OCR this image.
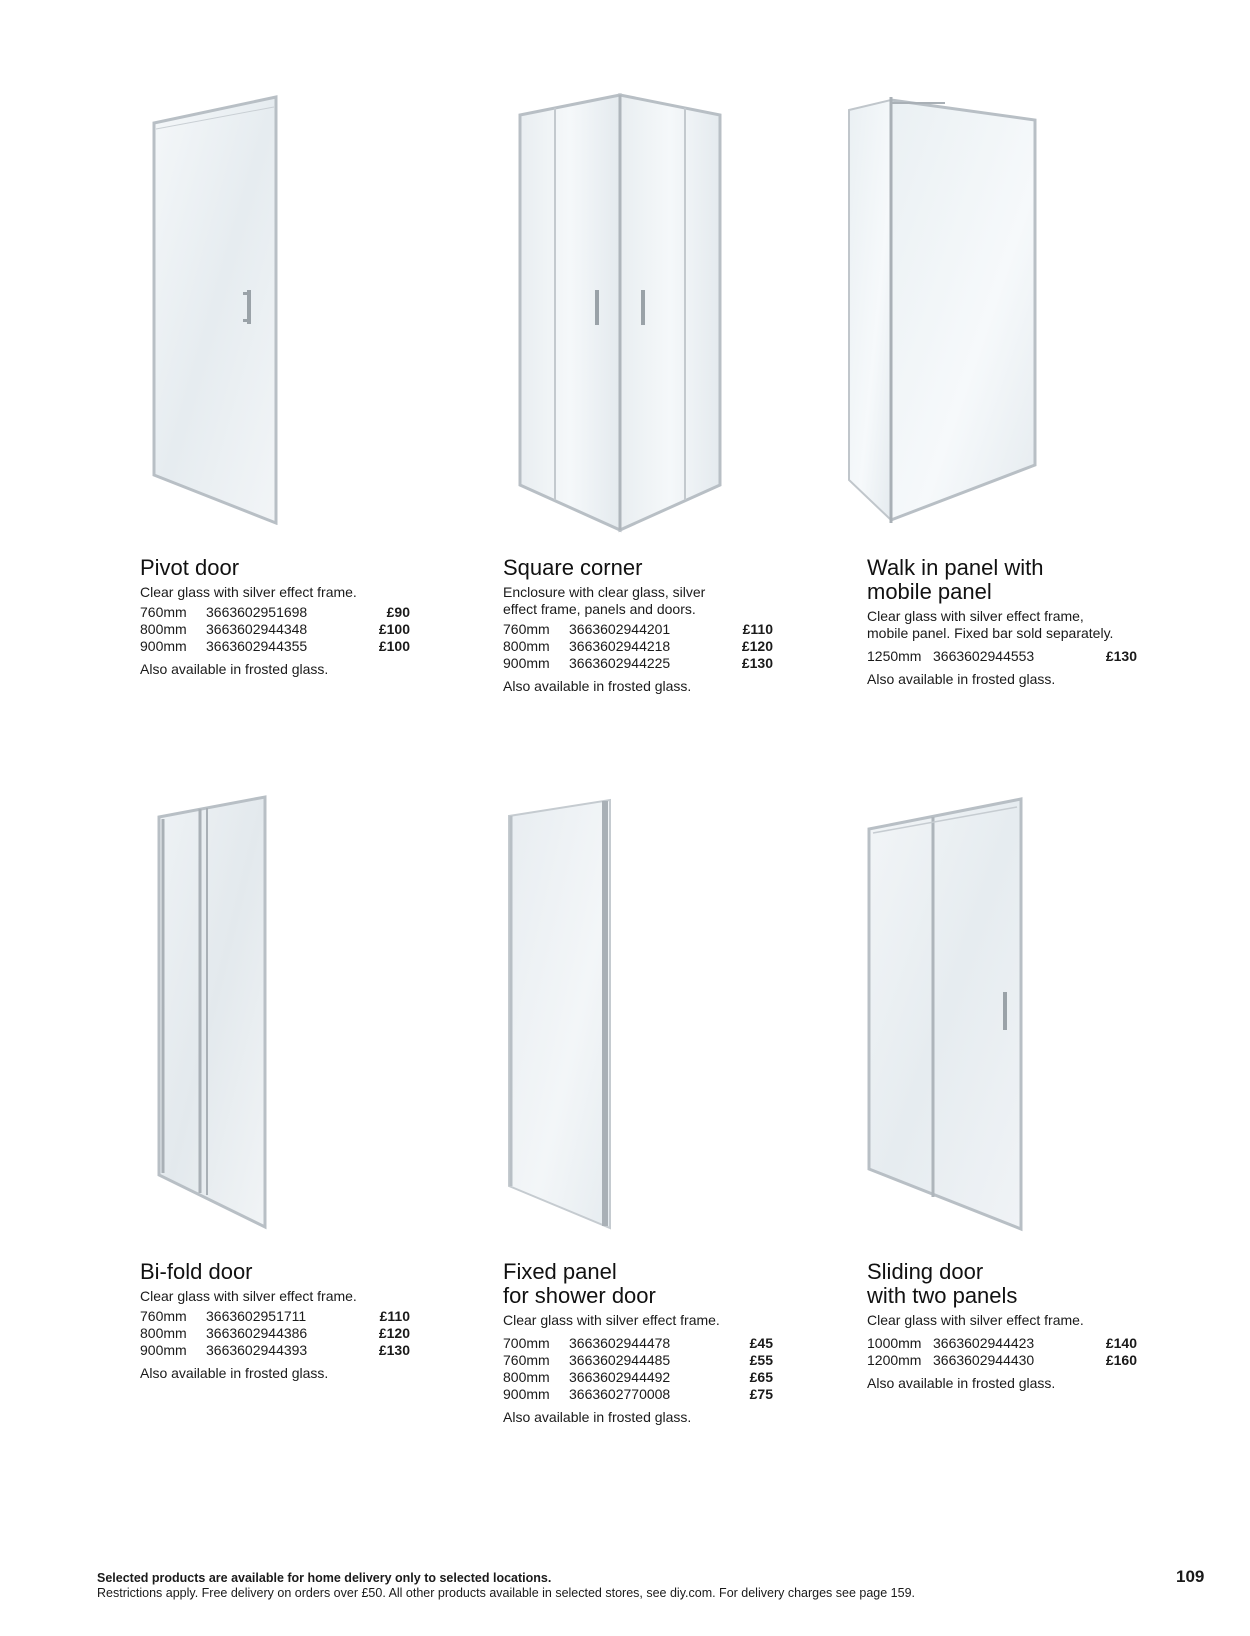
Pivot door

Clear glass with silver effect frame.

760mm	3663602951698	£90
800mm	3663602944348	£100
900mm	3663602944355	£100

Also available in frosted glass.

Square corner

Enclosure with clear glass, silver
effect frame, panels and doors.

760mm	3663602944201	£110
800mm	3663602944218	£120
900mm	3663602944225	£130

Also available in frosted glass.

Walk in panel with
mobile panel

Clear glass with silver effect frame,
mobile panel. Fixed bar sold separately.

1250mm	3663602944553	£130

Also available in frosted glass.

Bi-fold door

Clear glass with silver effect frame.

760mm	3663602951711	£110
800mm	3663602944386	£120
900mm	3663602944393	£130

Also available in frosted glass.

Fixed panel
for shower door

Clear glass with silver effect frame.

700mm	3663602944478	£45
760mm	3663602944485	£55
800mm	3663602944492	£65
900mm	3663602770008	£75

Also available in frosted glass.

Sliding door
with two panels

Clear glass with silver effect frame.

1000mm	3663602944423	£140
1200mm	3663602944430	£160

Also available in frosted glass.

Selected products are available for home delivery only to selected locations.
Restrictions apply. Free delivery on orders over £50. All other products available in selected stores, see diy.com. For delivery charges see page 159.
109
